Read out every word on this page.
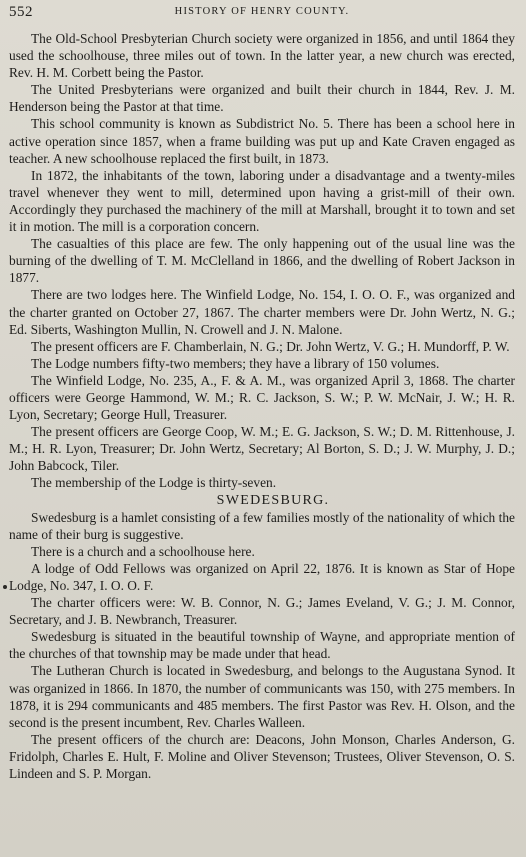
552	HISTORY OF HENRY COUNTY.

The Old-School Presbyterian Church society were organized in 1856, and until 1864 they used the schoolhouse, three miles out of town. In the latter year, a new church was erected, Rev. H. M. Corbett being the Pastor.

The United Presbyterians were organized and built their church in 1844, Rev. J. M. Henderson being the Pastor at that time.

This school community is known as Subdistrict No. 5. There has been a school here in active operation since 1857, when a frame building was put up and Kate Craven engaged as teacher. A new schoolhouse replaced the first built, in 1873.

In 1872, the inhabitants of the town, laboring under a disadvantage and a twenty-miles travel whenever they went to mill, determined upon having a grist-mill of their own. Accordingly they purchased the machinery of the mill at Marshall, brought it to town and set it in motion. The mill is a corporation concern.

The casualties of this place are few. The only happening out of the usual line was the burning of the dwelling of T. M. McClelland in 1866, and the dwelling of Robert Jackson in 1877.

There are two lodges here. The Winfield Lodge, No. 154, I. O. O. F., was organized and the charter granted on October 27, 1867. The charter members were Dr. John Wertz, N. G.; Ed. Siberts, Washington Mullin, N. Crowell and J. N. Malone.

The present officers are F. Chamberlain, N. G.; Dr. John Wertz, V. G.; H. Mundorff, P. W.

The Lodge numbers fifty-two members; they have a library of 150 volumes.

The Winfield Lodge, No. 235, A., F. & A. M., was organized April 3, 1868. The charter officers were George Hammond, W. M.; R. C. Jackson, S. W.; P. W. McNair, J. W.; H. R. Lyon, Secretary; George Hull, Treasurer.

The present officers are George Coop, W. M.; E. G. Jackson, S. W.; D. M. Rittenhouse, J. M.; H. R. Lyon, Treasurer; Dr. John Wertz, Secretary; Al Borton, S. D.; J. W. Murphy, J. D.; John Babcock, Tiler.

The membership of the Lodge is thirty-seven.

SWEDESBURG.

Swedesburg is a hamlet consisting of a few families mostly of the nationality of which the name of their burg is suggestive.

There is a church and a schoolhouse here.

A lodge of Odd Fellows was organized on April 22, 1876. It is known as Star of Hope Lodge, No. 347, I. O. O. F.

The charter officers were: W. B. Connor, N. G.; James Eveland, V. G.; J. M. Connor, Secretary, and J. B. Newbranch, Treasurer.

Swedesburg is situated in the beautiful township of Wayne, and appropriate mention of the churches of that township may be made under that head.

The Lutheran Church is located in Swedesburg, and belongs to the Augustana Synod. It was organized in 1866. In 1870, the number of communicants was 150, with 275 members. In 1878, it is 294 communicants and 485 members. The first Pastor was Rev. H. Olson, and the second is the present incumbent, Rev. Charles Walleen.

The present officers of the church are: Deacons, John Monson, Charles Anderson, G. Fridolph, Charles E. Hult, F. Moline and Oliver Stevenson; Trustees, Oliver Stevenson, O. S. Lindeen and S. P. Morgan.
